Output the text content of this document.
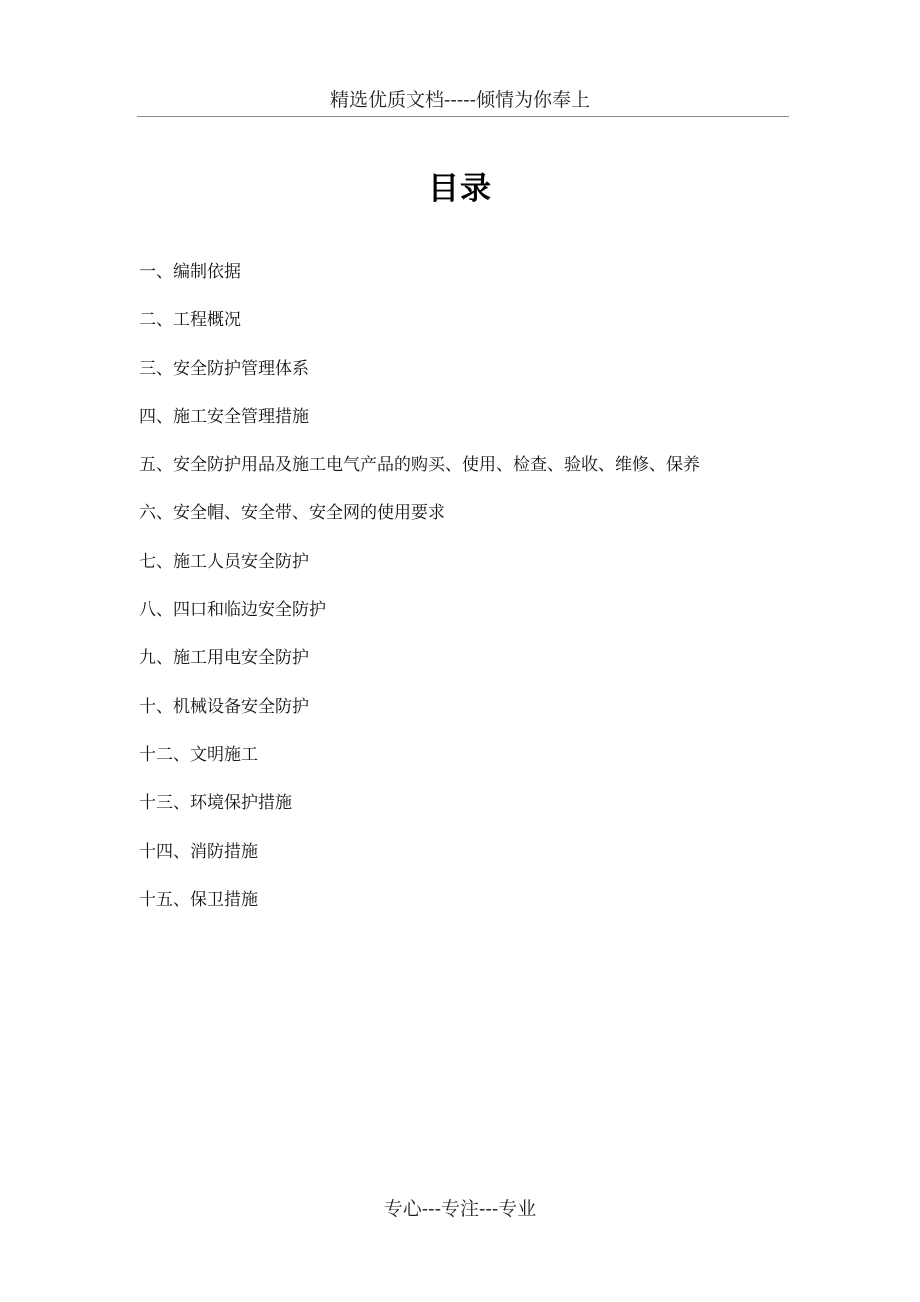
精选优质文档-----倾情为你奉上
目录
一、编制依据
二、工程概况
三、安全防护管理体系
四、施工安全管理措施
五、安全防护用品及施工电气产品的购买、使用、检查、验收、维修、保养
六、安全帽、安全带、安全网的使用要求
七、施工人员安全防护
八、四口和临边安全防护
九、施工用电安全防护
十、机械设备安全防护
十二、文明施工
十三、环境保护措施
十四、消防措施
十五、保卫措施
专心---专注---专业
